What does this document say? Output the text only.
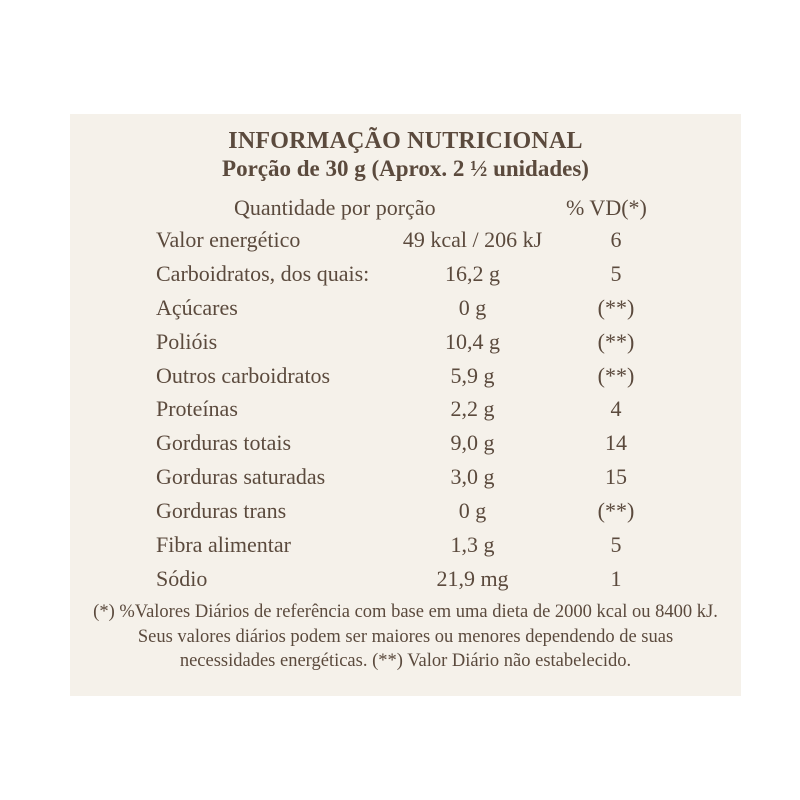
INFORMAÇÃO NUTRICIONAL
Porção de 30 g (Aprox. 2 ½ unidades)
Quantidade por porção	% VD(*)
Valor energético	49 kcal / 206 kJ	6
Carboidratos, dos quais:	16,2 g	5
Açúcares	0 g	(**)
Polióis	10,4 g	(**)
Outros carboidratos	5,9 g	(**)
Proteínas	2,2 g	4
Gorduras totais	9,0 g	14
Gorduras saturadas	3,0 g	15
Gorduras trans	0 g	(**)
Fibra alimentar	1,3 g	5
Sódio	21,9 mg	1
(*) %Valores Diários de referência com base em uma dieta de 2000 kcal ou 8400 kJ.
Seus valores diários podem ser maiores ou menores dependendo de suas
necessidades energéticas. (**) Valor Diário não estabelecido.
